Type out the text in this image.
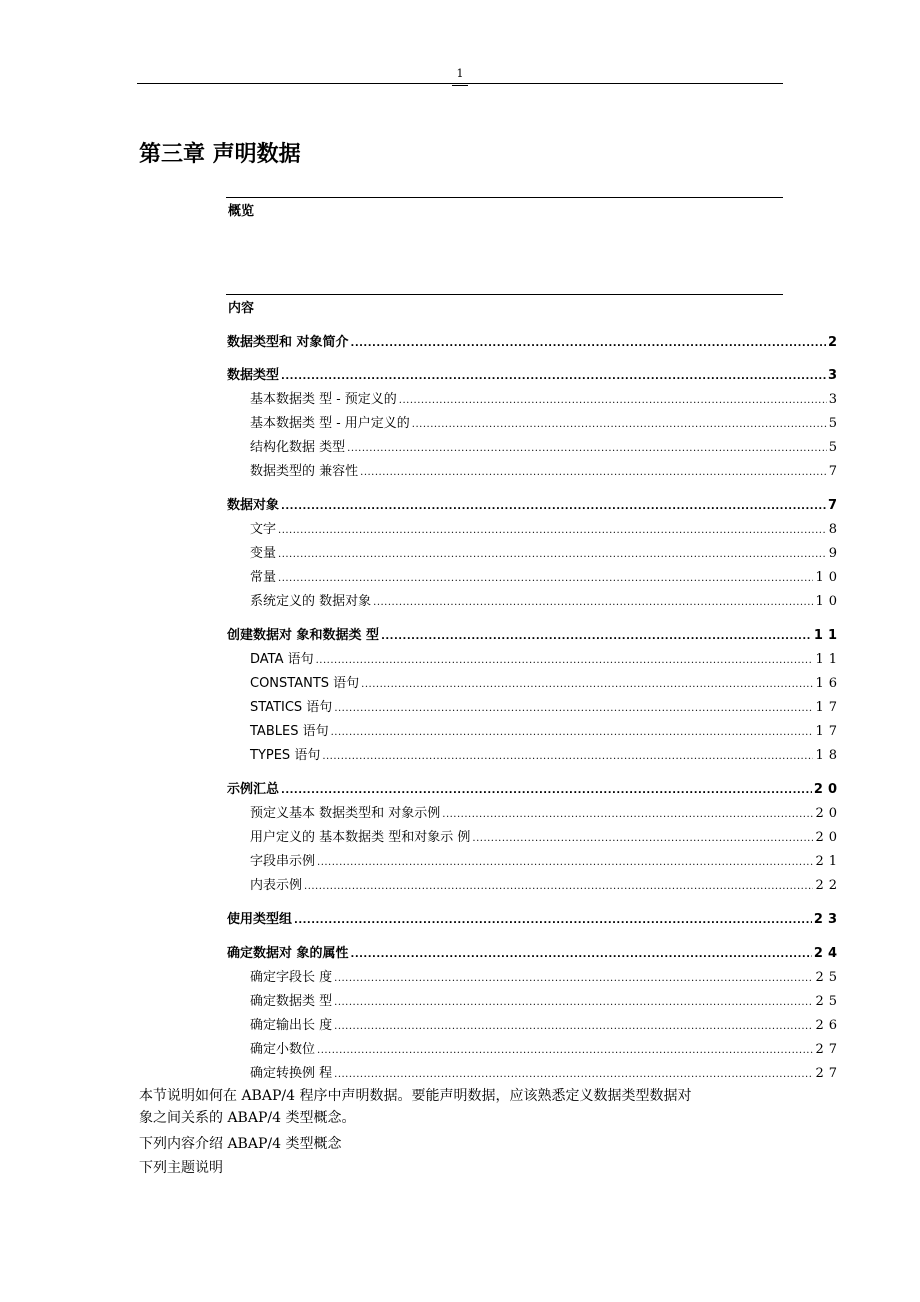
1
第三章 声明数据
概览
内容
数据类型和 对象简介 .....	2
数据类型 .....	3
基本数据类 型 - 预定义的 .....	3
基本数据类 型 - 用户定义的 .....	5
结构化数据 类型 .....	5
数据类型的 兼容性 .....	7
数据对象 .....	7
文字 .....	8
变量 .....	9
常量 .....	10
系统定义的 数据对象 .....	10
创建数据对 象和数据类 型 .....	11
DATA 语句 .....	11
CONSTANTS 语句 .....	16
STATICS 语句 .....	17
TABLES 语句 .....	17
TYPES 语句 .....	18
示例汇总 .....	20
预定义基本 数据类型和 对象示例 .....	20
用户定义的 基本数据类 型和对象示 例 .....	20
字段串示例 .....	21
内表示例 .....	22
使用类型组 .....	23
确定数据对 象的属性 .....	24
确定字段长 度 .....	25
确定数据类 型 .....	25
确定输出长 度 .....	26
确定小数位 .....	27
确定转换例 程 .....	27
本节说明如何在 ABAP/4 程序中声明数据。要能声明数据，应该熟悉定义数据类型数据对
象之间关系的 ABAP/4 类型概念。
下列内容介绍 ABAP/4 类型概念
下列主题说明
